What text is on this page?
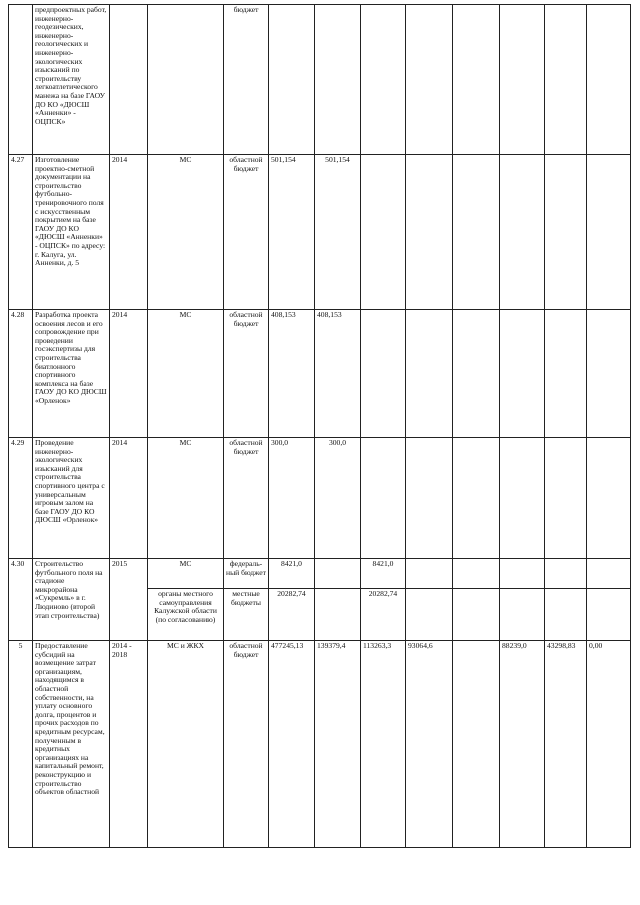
	предпроектных работ, инженерно-геодезических, инженерно-геологических и инженерно-экологических изысканий по строительству легкоатлетического манежа на базе ГАОУ ДО КО «ДЮСШ «Анненки» - ОЦПСК»			бюджет								
4.27	Изготовление проектно-сметной документации на строительство футбольно-тренировочного поля с искусственным покрытием на базе ГАОУ ДО КО «ДЮСШ «Анненки» - ОЦПСК» по адресу: г. Калуга, ул. Анненки, д. 5	2014	МС	областной бюджет	501,154	501,154						
4.28	Разработка проекта освоения лесов и его сопровождение при проведении госэкспертизы для строительства биатлонного спортивного комплекса на базе ГАОУ ДО КО ДЮСШ «Орленок»	2014	МС	областной бюджет	408,153	408,153						
4.29	Проведение инженерно-экологических изысканий для строительства спортивного центра с универсальным игровым залом на базе ГАОУ ДО КО ДЮСШ «Орленок»	2014	МС	областной бюджет	300,0	300,0						
4.30	Строительство футбольного поля на стадионе микрорайона «Сукремль» в г. Людиново (второй этап строительства)	2015	МС	федераль-ный бюджет	8421,0		8421,0					
			органы местного самоуправления Калужской области (по согласованию)	местные бюджеты	20282,74		20282,74					
5	Предоставление субсидий на возмещение затрат организациям, находящимся в областной собственности, на уплату основного долга, процентов и прочих расходов по кредитным ресурсам, полученным в кредитных организациях на капитальный ремонт, реконструкцию и строительство объектов областной	2014 - 2018	МС и ЖКХ	областной бюджет	477245,13	139379,4	113263,3	93064,6		88239,0	43298,83	0,00
